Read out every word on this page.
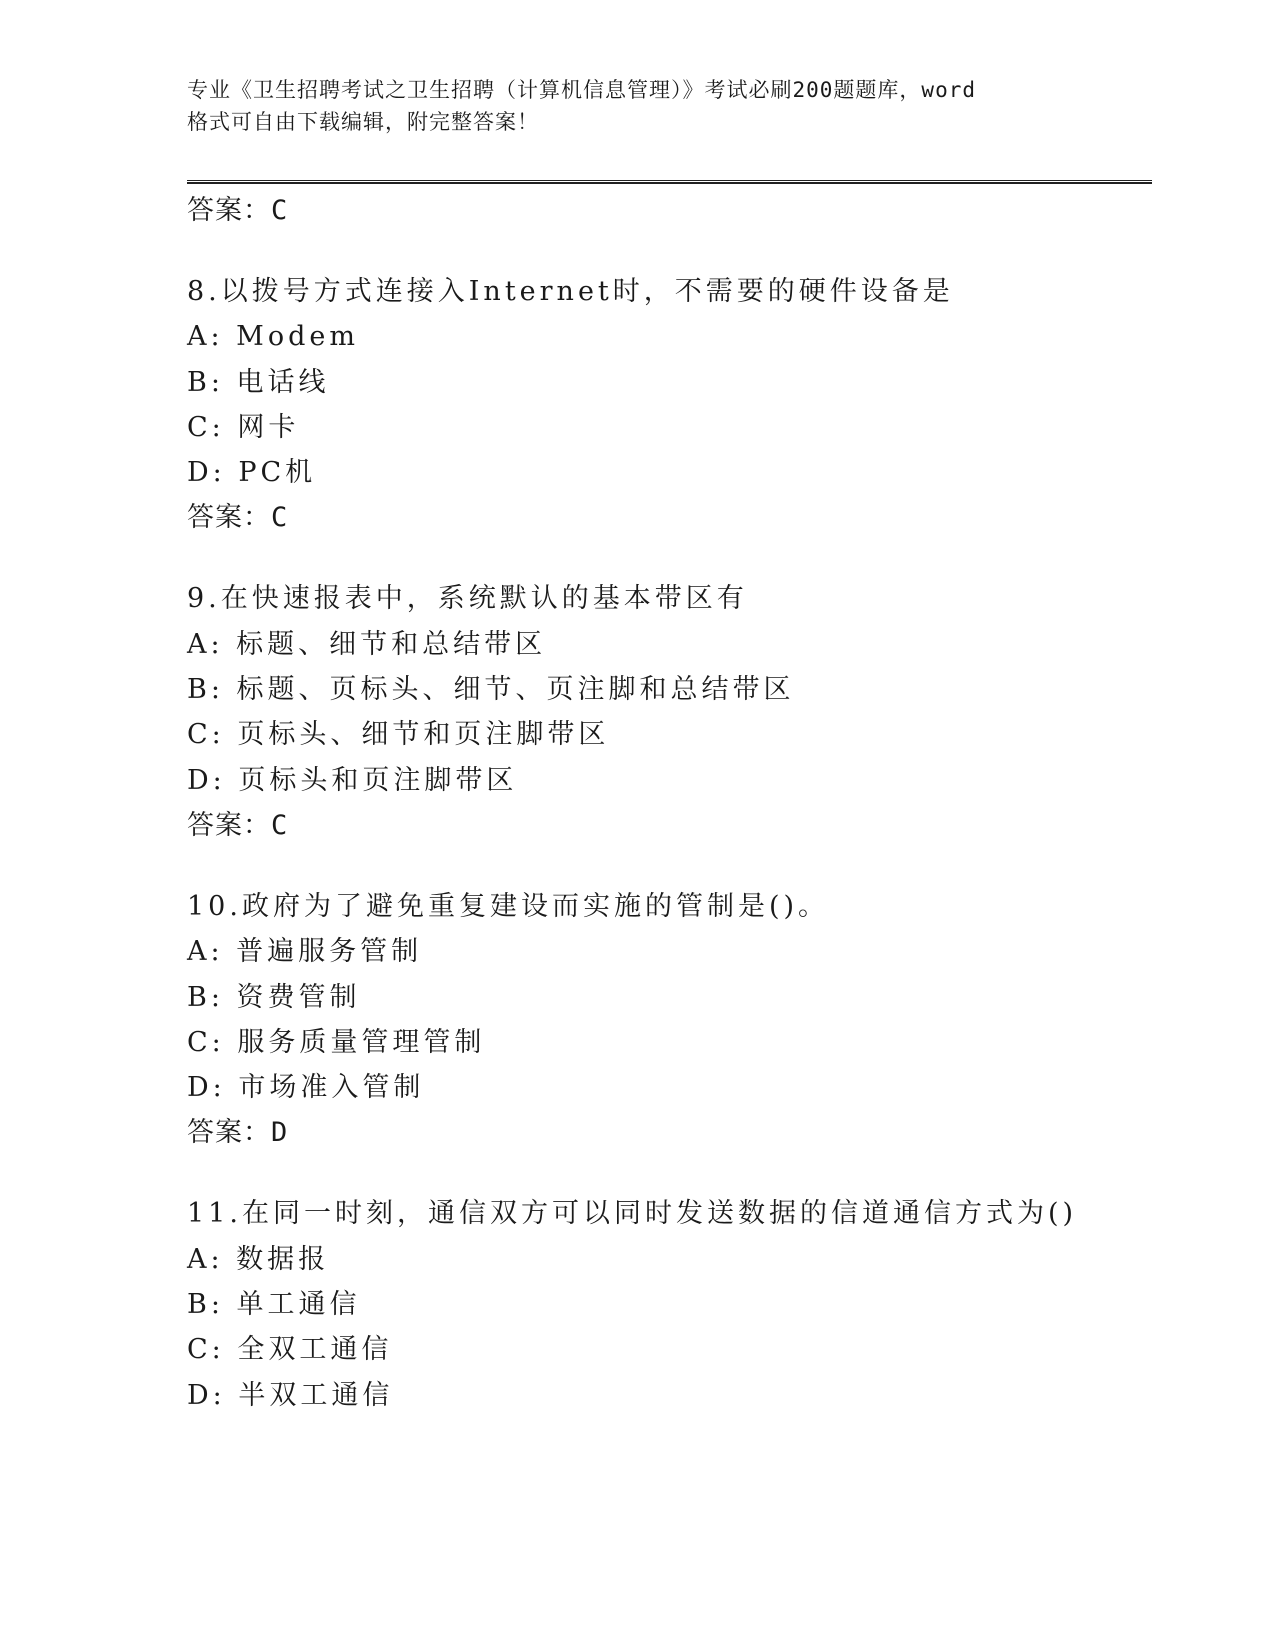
专业《卫生招聘考试之卫生招聘（计算机信息管理）》考试必刷200题题库，word

格式可自由下载编辑，附完整答案！

答案：C
8.以拨号方式连接入Internet时，不需要的硬件设备是
A: Modem
B: 电话线
C: 网卡
D: PC机
答案：C
9.在快速报表中，系统默认的基本带区有
A: 标题、细节和总结带区
B: 标题、页标头、细节、页注脚和总结带区
C: 页标头、细节和页注脚带区
D: 页标头和页注脚带区
答案：C
10.政府为了避免重复建设而实施的管制是()。
A: 普遍服务管制
B: 资费管制
C: 服务质量管理管制
D: 市场准入管制
答案：D
11.在同一时刻，通信双方可以同时发送数据的信道通信方式为()
A: 数据报
B: 单工通信
C: 全双工通信
D: 半双工通信
